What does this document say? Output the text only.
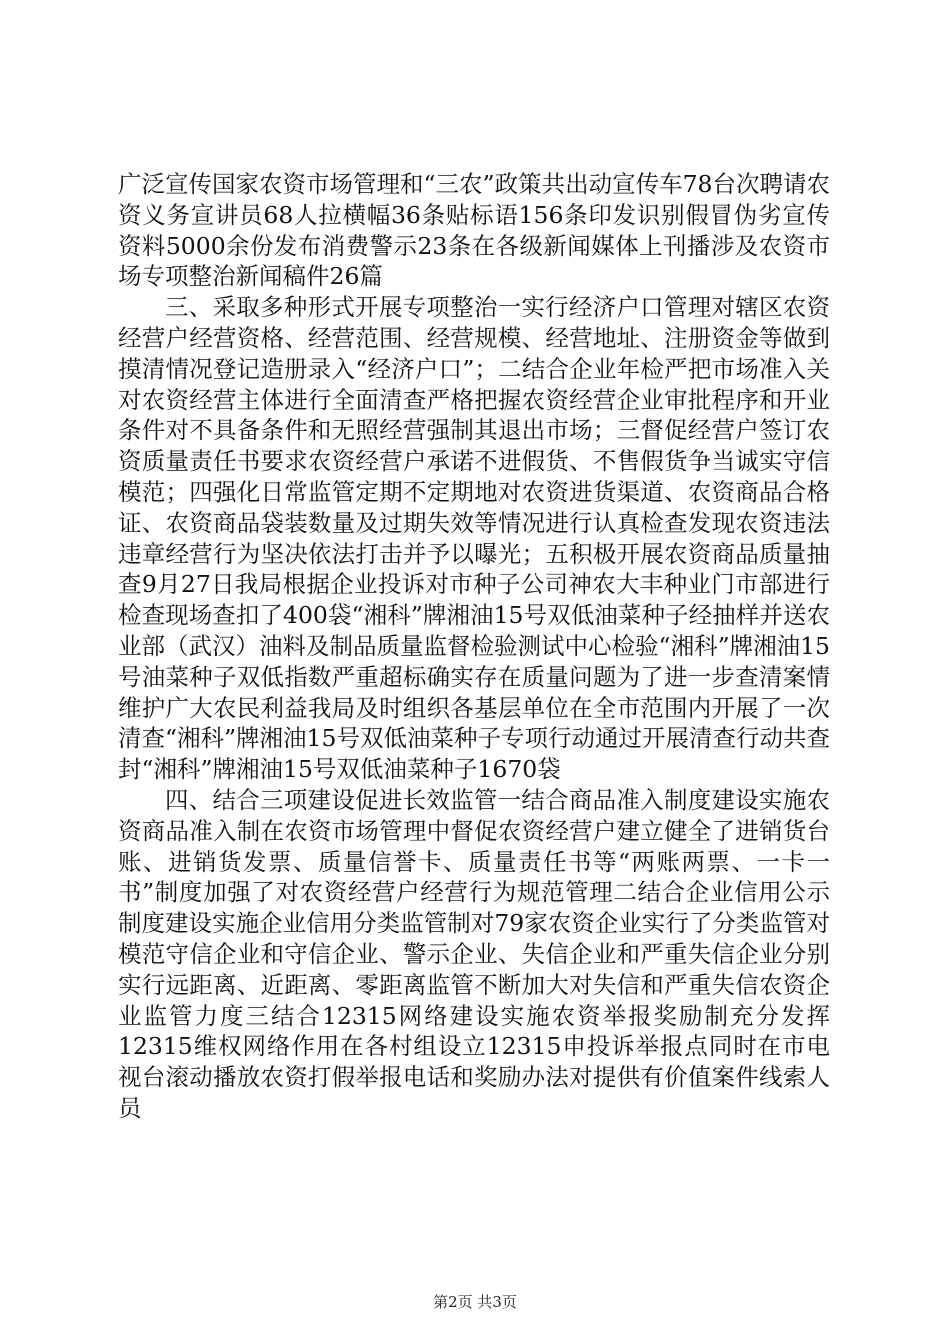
广泛宣传国家农资市场管理和“三农”政策共出动宣传车78台次聘请农资义务宣讲员68人拉横幅36条贴标语156条印发识别假冒伪劣宣传资料5000余份发布消费警示23条在各级新闻媒体上刊播涉及农资市场专项整治新闻稿件26篇

三、采取多种形式开展专项整治一实行经济户口管理对辖区农资经营户经营资格、经营范围、经营规模、经营地址、注册资金等做到摸清情况登记造册录入“经济户口”；二结合企业年检严把市场准入关对农资经营主体进行全面清查严格把握农资经营企业审批程序和开业条件对不具备条件和无照经营强制其退出市场；三督促经营户签订农资质量责任书要求农资经营户承诺不进假货、不售假货争当诚实守信模范；四强化日常监管定期不定期地对农资进货渠道、农资商品合格证、农资商品袋装数量及过期失效等情况进行认真检查发现农资违法违章经营行为坚决依法打击并予以曝光；五积极开展农资商品质量抽查9月27日我局根据企业投诉对市种子公司神农大丰种业门市部进行检查现场查扣了400袋“湘科”牌湘油15号双低油菜种子经抽样并送农业部（武汉）油料及制品质量监督检验测试中心检验“湘科”牌湘油15号油菜种子双低指数严重超标确实存在质量问题为了进一步查清案情维护广大农民利益我局及时组织各基层单位在全市范围内开展了一次清查“湘科”牌湘油15号双低油菜种子专项行动通过开展清查行动共查封“湘科”牌湘油15号双低油菜种子1670袋

四、结合三项建设促进长效监管一结合商品准入制度建设实施农资商品准入制在农资市场管理中督促农资经营户建立健全了进销货台账、进销货发票、质量信誉卡、质量责任书等“两账两票、一卡一书”制度加强了对农资经营户经营行为规范管理二结合企业信用公示制度建设实施企业信用分类监管制对79家农资企业实行了分类监管对模范守信企业和守信企业、警示企业、失信企业和严重失信企业分别实行远距离、近距离、零距离监管不断加大对失信和严重失信农资企业监管力度三结合12315网络建设实施农资举报奖励制充分发挥12315维权网络作用在各村组设立12315申投诉举报点同时在市电视台滚动播放农资打假举报电话和奖励办法对提供有价值案件线索人员

第2页 共3页
